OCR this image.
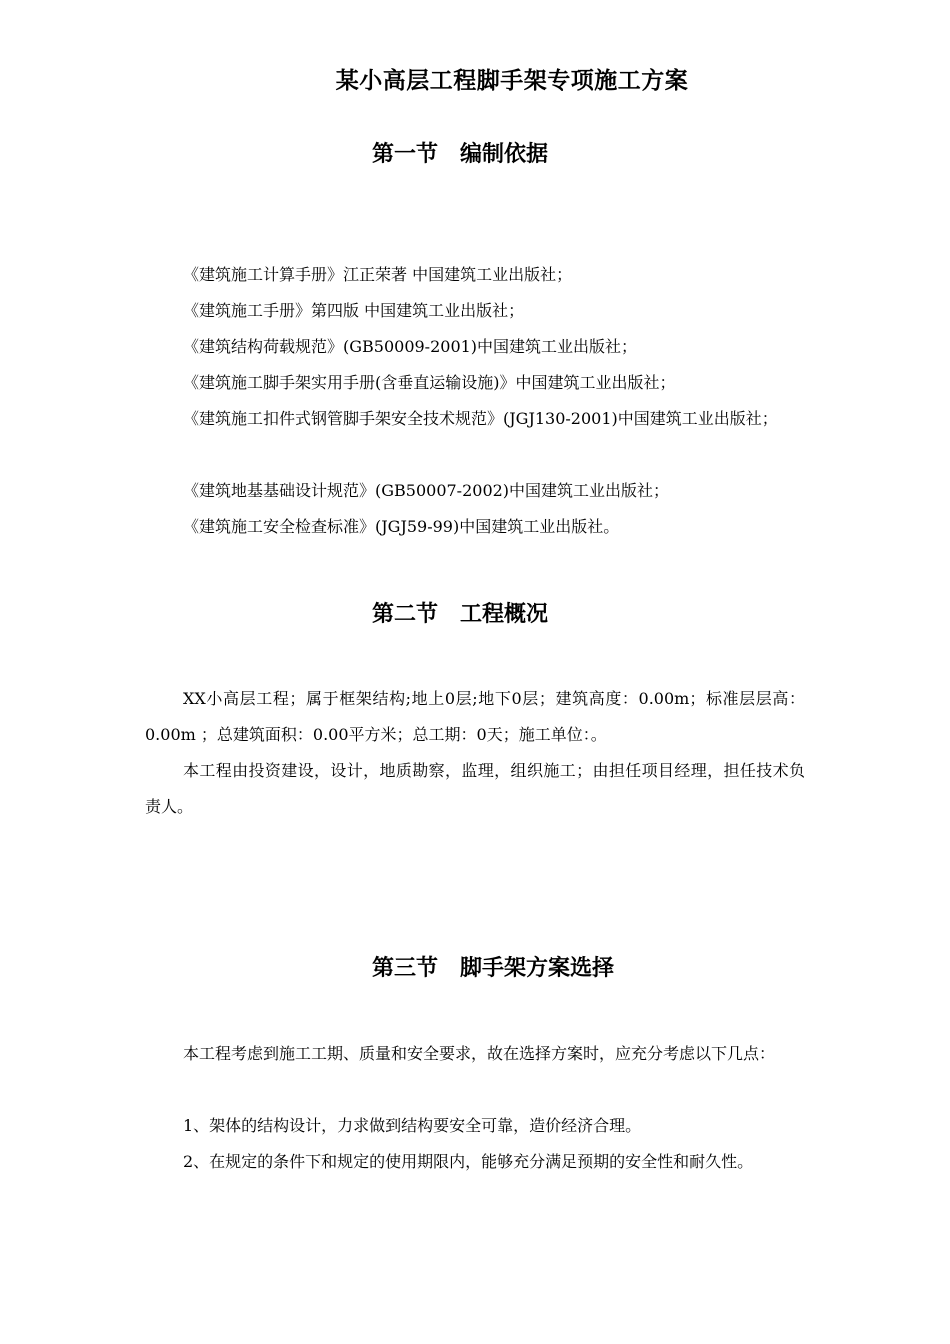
某小高层工程脚手架专项施工方案
第一节　编制依据

《建筑施工计算手册》江正荣著 中国建筑工业出版社；

《建筑施工手册》第四版 中国建筑工业出版社；

《建筑结构荷载规范》(GB50009-2001)中国建筑工业出版社；

《建筑施工脚手架实用手册(含垂直运输设施)》中国建筑工业出版社；

《建筑施工扣件式钢管脚手架安全技术规范》(JGJ130-2001)中国建筑工业出版社；

《建筑地基基础设计规范》(GB50007-2002)中国建筑工业出版社；

《建筑施工安全检查标准》(JGJ59-99)中国建筑工业出版社。

第二节　工程概况

XX小高层工程；属于框架结构;地上0层;地下0层；建筑高度：0.00m；标准层层高：0.00m ；总建筑面积：0.00平方米；总工期：0天；施工单位：。

本工程由投资建设，设计，地质勘察，监理，组织施工；由担任项目经理，担任技术负责人。

第三节　脚手架方案选择

本工程考虑到施工工期、质量和安全要求，故在选择方案时，应充分考虑以下几点：

1、架体的结构设计，力求做到结构要安全可靠，造价经济合理。

2、在规定的条件下和规定的使用期限内，能够充分满足预期的安全性和耐久性。
